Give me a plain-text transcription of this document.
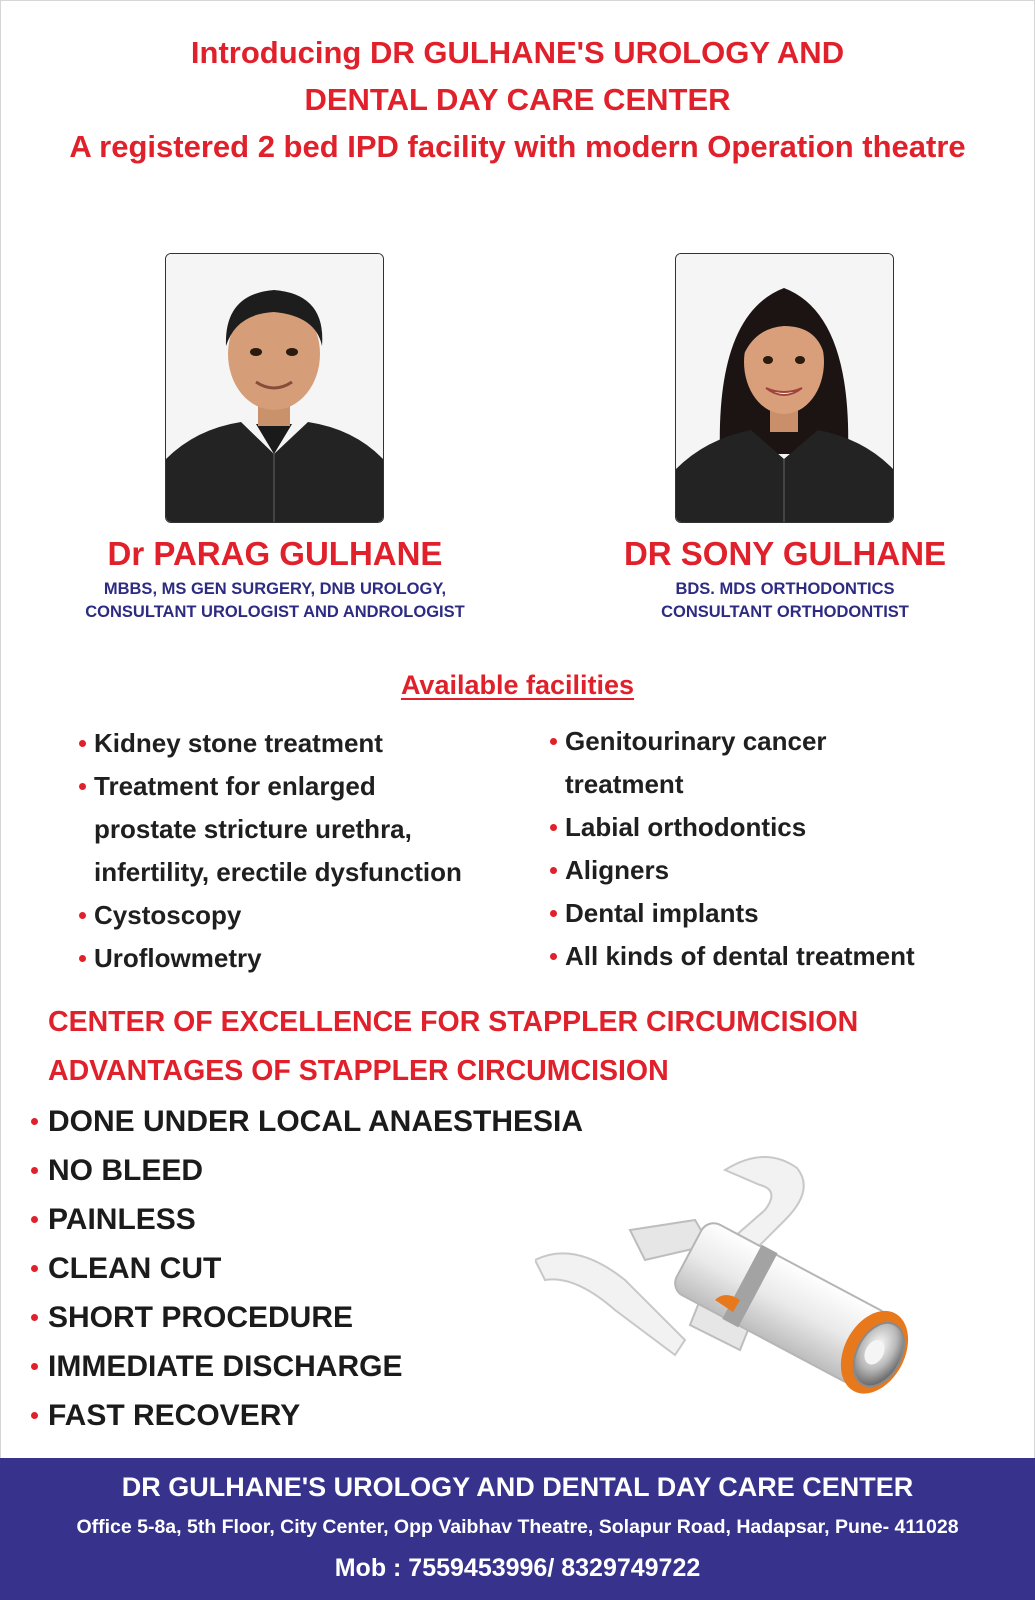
Introducing DR GULHANE'S UROLOGY AND
DENTAL DAY CARE CENTER
A registered 2 bed IPD facility with modern Operation theatre
Dr PARAG GULHANE
MBBS, MS GEN SURGERY, DNB UROLOGY,
CONSULTANT UROLOGIST AND ANDROLOGIST
DR SONY GULHANE
BDS. MDS ORTHODONTICS
CONSULTANT ORTHODONTIST
Available facilities
Kidney stone treatment
Treatment for enlarged
prostate stricture urethra,
infertility, erectile dysfunction
Cystoscopy
Uroflowmetry
Genitourinary cancer
treatment
Labial orthodontics
Aligners
Dental implants
All kinds of dental treatment
CENTER OF EXCELLENCE FOR STAPPLER CIRCUMCISION
ADVANTAGES OF STAPPLER CIRCUMCISION
DONE UNDER LOCAL ANAESTHESIA
NO BLEED
PAINLESS
CLEAN CUT
SHORT PROCEDURE
IMMEDIATE DISCHARGE
FAST RECOVERY
DR GULHANE'S UROLOGY AND DENTAL DAY CARE CENTER
Office 5-8a, 5th Floor, City Center, Opp Vaibhav Theatre, Solapur Road, Hadapsar, Pune- 411028
Mob : 7559453996/ 8329749722
